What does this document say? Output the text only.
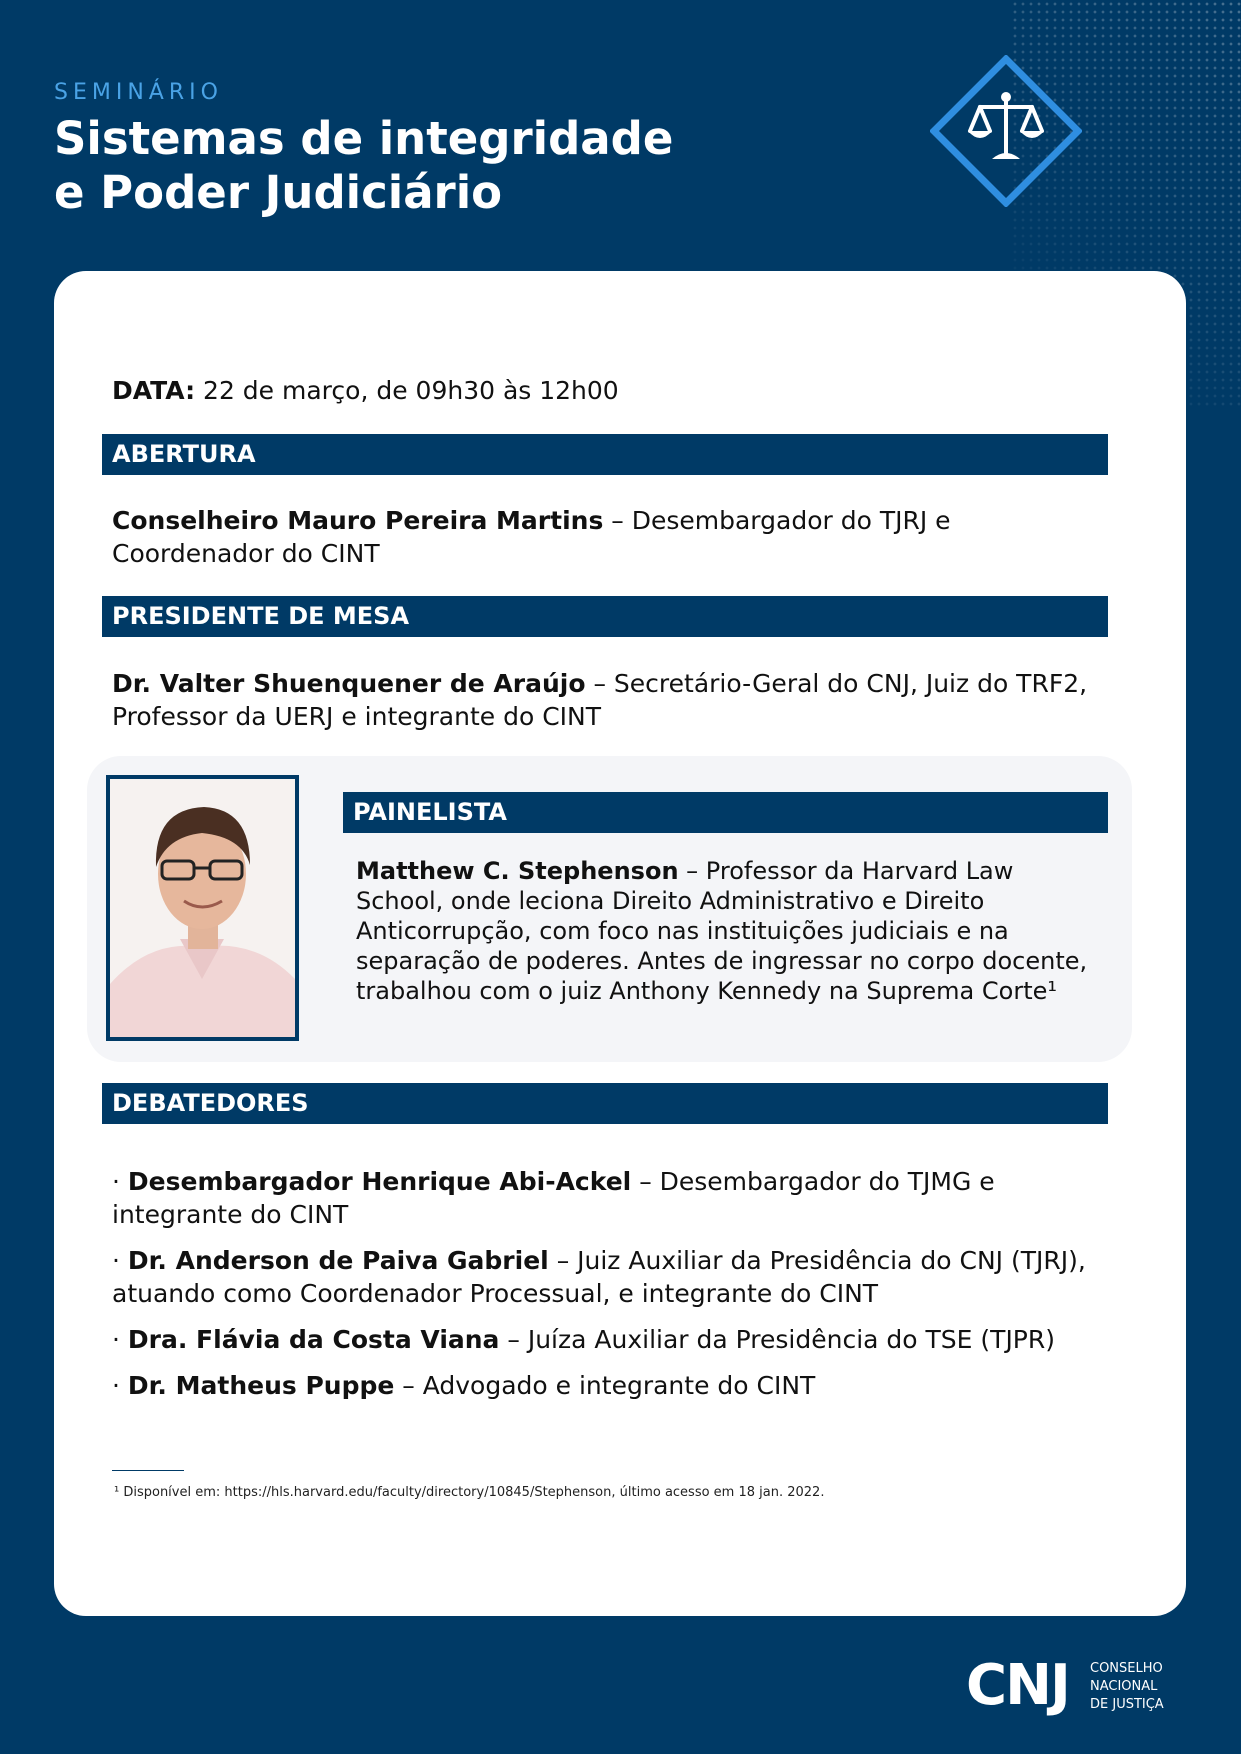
SEMINÁRIO
Sistemas de integridade
e Poder Judiciário
DATA: 22 de março, de 09h30 às 12h00
ABERTURA
Conselheiro Mauro Pereira Martins – Desembargador do TJRJ e Coordenador do CINT
PRESIDENTE DE MESA
Dr. Valter Shuenquener de Araújo – Secretário-Geral do CNJ, Juiz do TRF2, Professor da UERJ e integrante do CINT
PAINELISTA
Matthew C. Stephenson – Professor da Harvard Law School, onde leciona Direito Administrativo e Direito Anticorrupção, com foco nas instituições judiciais e na separação de poderes. Antes de ingressar no corpo docente, trabalhou com o juiz Anthony Kennedy na Suprema Corte¹
DEBATEDORES
· Desembargador Henrique Abi-Ackel – Desembargador do TJMG e integrante do CINT
· Dr. Anderson de Paiva Gabriel – Juiz Auxiliar da Presidência do CNJ (TJRJ), atuando como Coordenador Processual, e integrante do CINT
· Dra. Flávia da Costa Viana – Juíza Auxiliar da Presidência do TSE (TJPR)
· Dr. Matheus Puppe – Advogado e integrante do CINT
¹ Disponível em: https://hls.harvard.edu/faculty/directory/10845/Stephenson, último acesso em 18 jan. 2022.
CNJ CONSELHO
NACIONAL
DE JUSTIÇA
